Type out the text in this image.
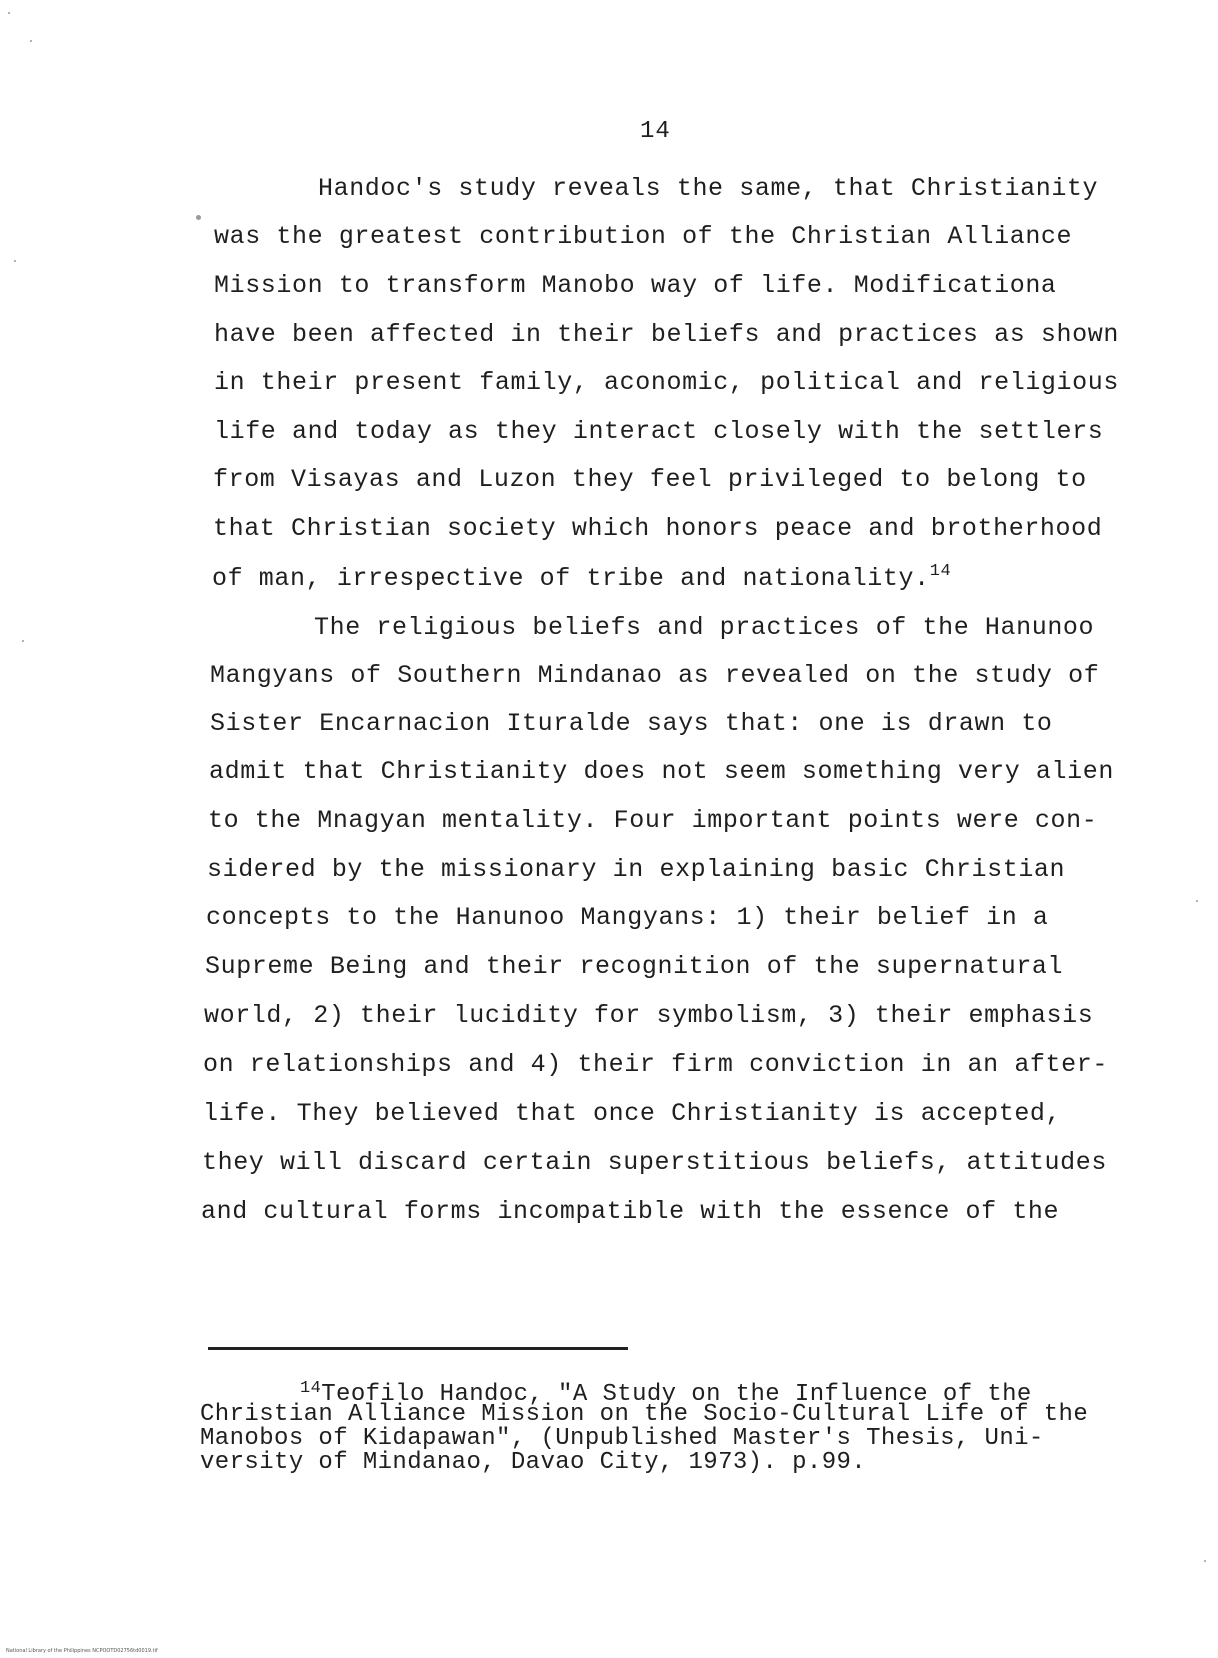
14
Handoc's study reveals the same, that Christianity
was the greatest contribution of the Christian Alliance
Mission to transform Manobo way of life. Modificationa
have been affected in their beliefs and practices as shown
in their present family, aconomic, political and religious
life and today as they interact closely with the settlers
from Visayas and Luzon they feel privileged to belong to
that Christian society which honors peace and brotherhood
of man, irrespective of tribe and nationality.$^{14}$
The religious beliefs and practices of the Hanunoo
Mangyans of Southern Mindanao as revealed on the study of
Sister Encarnacion Ituralde says that: one is drawn to
admit that Christianity does not seem something very alien
to the Mnagyan mentality. Four important points were con-
sidered by the missionary in explaining basic Christian
concepts to the Hanunoo Mangyans: 1) their belief in a
Supreme Being and their recognition of the supernatural
world, 2) their lucidity for symbolism, 3) their emphasis
on relationships and 4) their firm conviction in an after-
life. They believed that once Christianity is accepted,
they will discard certain superstitious beliefs, attitudes
and cultural forms incompatible with the essence of the
$^{14}$Teofilo Handoc, "A Study on the Influence of the
Christian Alliance Mission on the Socio-Cultural Life of the
Manobos of Kidapawan", (Unpublished Master's Thesis, Uni-
versity of Mindanao, Davao City, 1973). p.99.
National Library of the Philippines NCPOOTD02756td0019.tif
